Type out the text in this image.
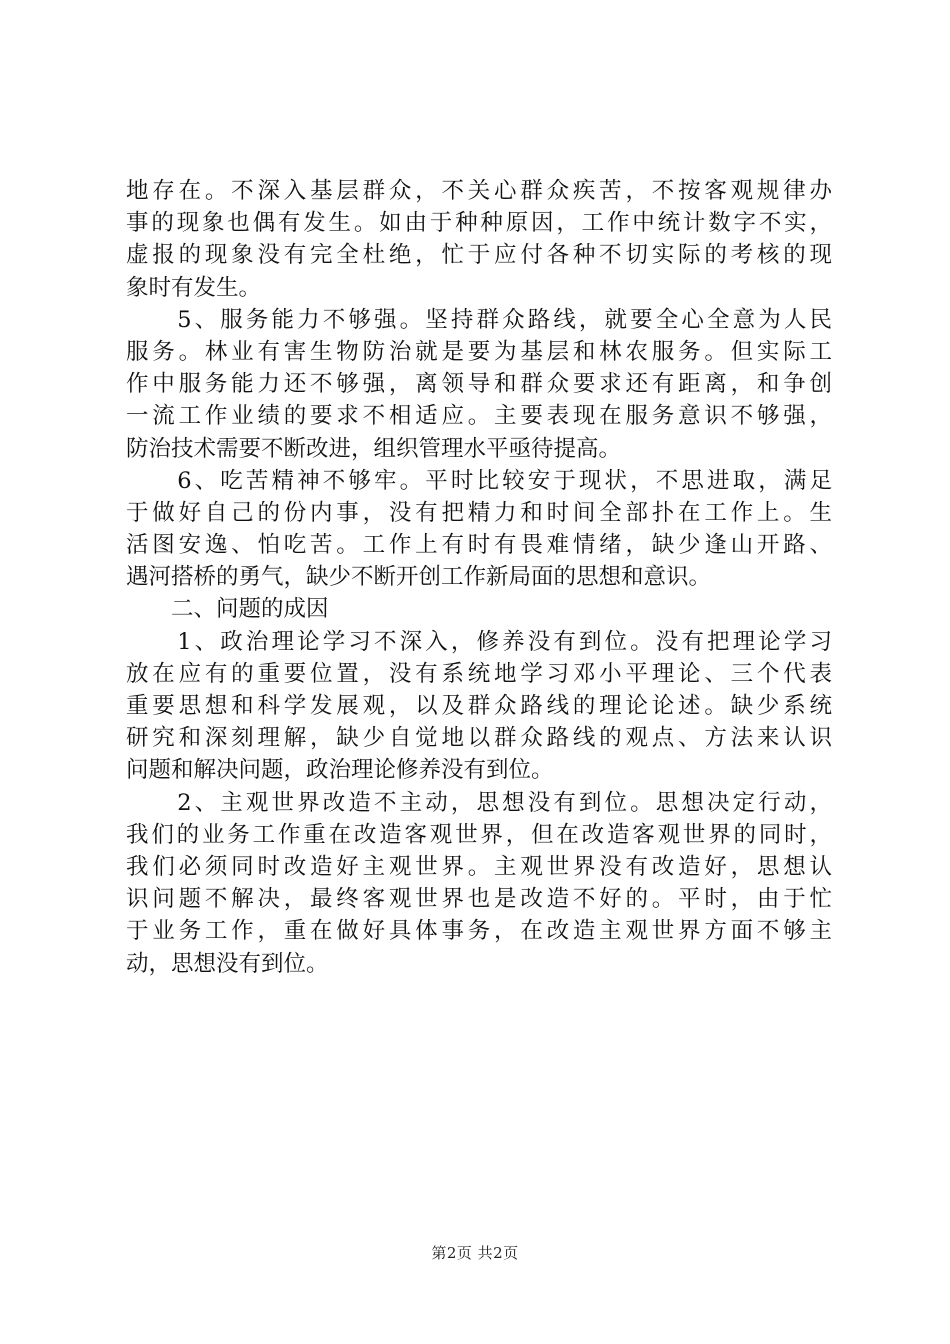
地存在。不深入基层群众，不关心群众疾苦，不按客观规律办
事的现象也偶有发生。如由于种种原因，工作中统计数字不实，
虚报的现象没有完全杜绝，忙于应付各种不切实际的考核的现
象时有发生。
　　5、服务能力不够强。坚持群众路线，就要全心全意为人民
服务。林业有害生物防治就是要为基层和林农服务。但实际工
作中服务能力还不够强，离领导和群众要求还有距离，和争创
一流工作业绩的要求不相适应。主要表现在服务意识不够强，
防治技术需要不断改进，组织管理水平亟待提高。
　　6、吃苦精神不够牢。平时比较安于现状，不思进取，满足
于做好自己的份内事，没有把精力和时间全部扑在工作上。生
活图安逸、怕吃苦。工作上有时有畏难情绪，缺少逢山开路、
遇河搭桥的勇气，缺少不断开创工作新局面的思想和意识。
　　二、问题的成因
　　1、政治理论学习不深入，修养没有到位。没有把理论学习
放在应有的重要位置，没有系统地学习邓小平理论、三个代表
重要思想和科学发展观，以及群众路线的理论论述。缺少系统
研究和深刻理解，缺少自觉地以群众路线的观点、方法来认识
问题和解决问题，政治理论修养没有到位。
　　2、主观世界改造不主动，思想没有到位。思想决定行动，
我们的业务工作重在改造客观世界，但在改造客观世界的同时，
我们必须同时改造好主观世界。主观世界没有改造好，思想认
识问题不解决，最终客观世界也是改造不好的。平时，由于忙
于业务工作，重在做好具体事务，在改造主观世界方面不够主
动，思想没有到位。
第2页 共2页
